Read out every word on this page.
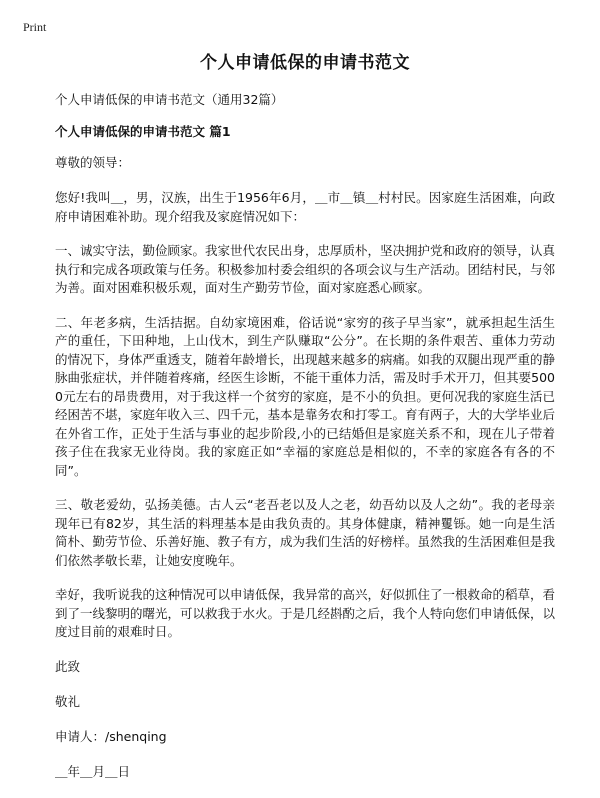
Print
个人申请低保的申请书范文
个人申请低保的申请书范文（通用32篇）
个人申请低保的申请书范文 篇1
尊敬的领导：
您好!我叫＿，男，汉族，出生于1956年6月，＿市＿镇＿村村民。因家庭生活困难，向政府申请困难补助。现介绍我及家庭情况如下：
一、诚实守法，勤俭顾家。我家世代农民出身，忠厚质朴，坚决拥护党和政府的领导，认真执行和完成各项政策与任务。积极参加村委会组织的各项会议与生产活动。团结村民，与邻为善。面对困难积极乐观，面对生产勤劳节俭，面对家庭悉心顾家。
二、年老多病，生活拮据。自幼家境困难，俗话说“家穷的孩子早当家”，就承担起生活生产的重任，下田种地，上山伐木，到生产队赚取“公分”。在长期的条件艰苦、重体力劳动的情况下，身体严重透支，随着年龄增长，出现越来越多的病痛。如我的双腿出现严重的静脉曲张症状，并伴随着疼痛，经医生诊断，不能干重体力活，需及时手术开刀，但其要5000元左右的昂贵费用，对于我这样一个贫穷的家庭，是不小的负担。更何况我的家庭生活已经困苦不堪，家庭年收入三、四千元，基本是靠务农和打零工。育有两子，大的大学毕业后在外省工作，正处于生活与事业的起步阶段,小的已结婚但是家庭关系不和，现在儿子带着孩子住在我家无业待岗。我的家庭正如“幸福的家庭总是相似的，不幸的家庭各有各的不同”。
三、敬老爱幼，弘扬美德。古人云“老吾老以及人之老，幼吾幼以及人之幼”。我的老母亲现年已有82岁，其生活的料理基本是由我负责的。其身体健康，精神矍铄。她一向是生活简朴、勤劳节俭、乐善好施、教子有方，成为我们生活的好榜样。虽然我的生活困难但是我们依然孝敬长辈，让她安度晚年。
幸好，我听说我的这种情况可以申请低保，我异常的高兴，好似抓住了一根救命的稻草，看到了一线黎明的曙光，可以救我于水火。于是几经斟酌之后，我个人特向您们申请低保，以度过目前的艰难时日。
此致
敬礼
申请人：/shenqing
＿年＿月＿日
